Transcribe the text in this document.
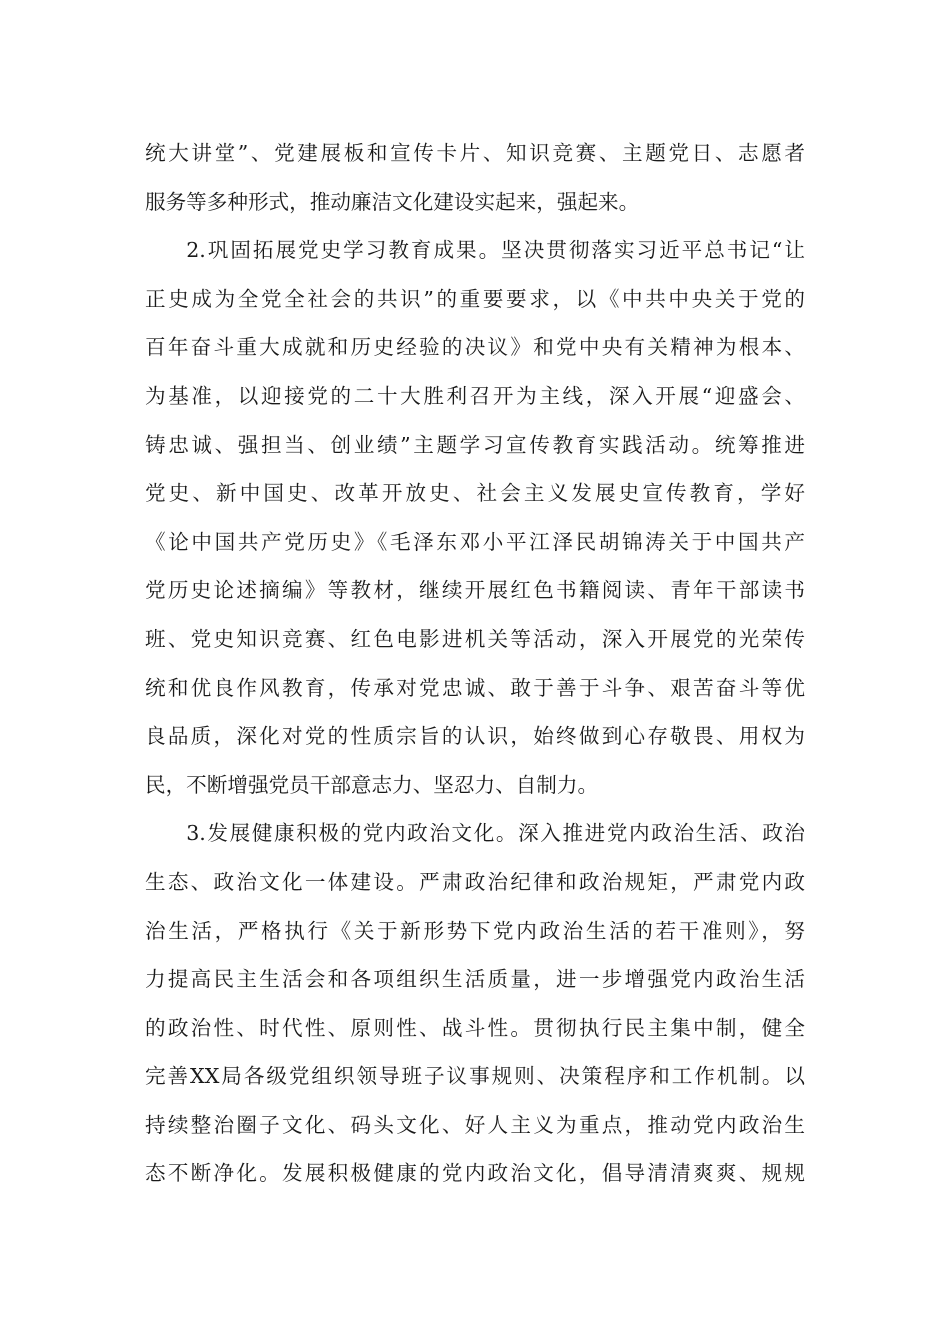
统大讲堂”、党建展板和宣传卡片、知识竞赛、主题党日、志愿者
服务等多种形式，推动廉洁文化建设实起来，强起来。

2.巩固拓展党史学习教育成果。坚决贯彻落实习近平总书记“让
正史成为全党全社会的共识”的重要要求，以《中共中央关于党的
百年奋斗重大成就和历史经验的决议》和党中央有关精神为根本、
为基准，以迎接党的二十大胜利召开为主线，深入开展“迎盛会、
铸忠诚、强担当、创业绩”主题学习宣传教育实践活动。统筹推进
党史、新中国史、改革开放史、社会主义发展史宣传教育，学好
《论中国共产党历史》《毛泽东邓小平江泽民胡锦涛关于中国共产
党历史论述摘编》等教材，继续开展红色书籍阅读、青年干部读书
班、党史知识竞赛、红色电影进机关等活动，深入开展党的光荣传
统和优良作风教育，传承对党忠诚、敢于善于斗争、艰苦奋斗等优
良品质，深化对党的性质宗旨的认识，始终做到心存敬畏、用权为
民，不断增强党员干部意志力、坚忍力、自制力。

3.发展健康积极的党内政治文化。深入推进党内政治生活、政治
生态、政治文化一体建设。严肃政治纪律和政治规矩，严肃党内政
治生活，严格执行《关于新形势下党内政治生活的若干准则》，努
力提高民主生活会和各项组织生活质量，进一步增强党内政治生活
的政治性、时代性、原则性、战斗性。贯彻执行民主集中制，健全
完善XX局各级党组织领导班子议事规则、决策程序和工作机制。以
持续整治圈子文化、码头文化、好人主义为重点，推动党内政治生
态不断净化。发展积极健康的党内政治文化，倡导清清爽爽、规规
